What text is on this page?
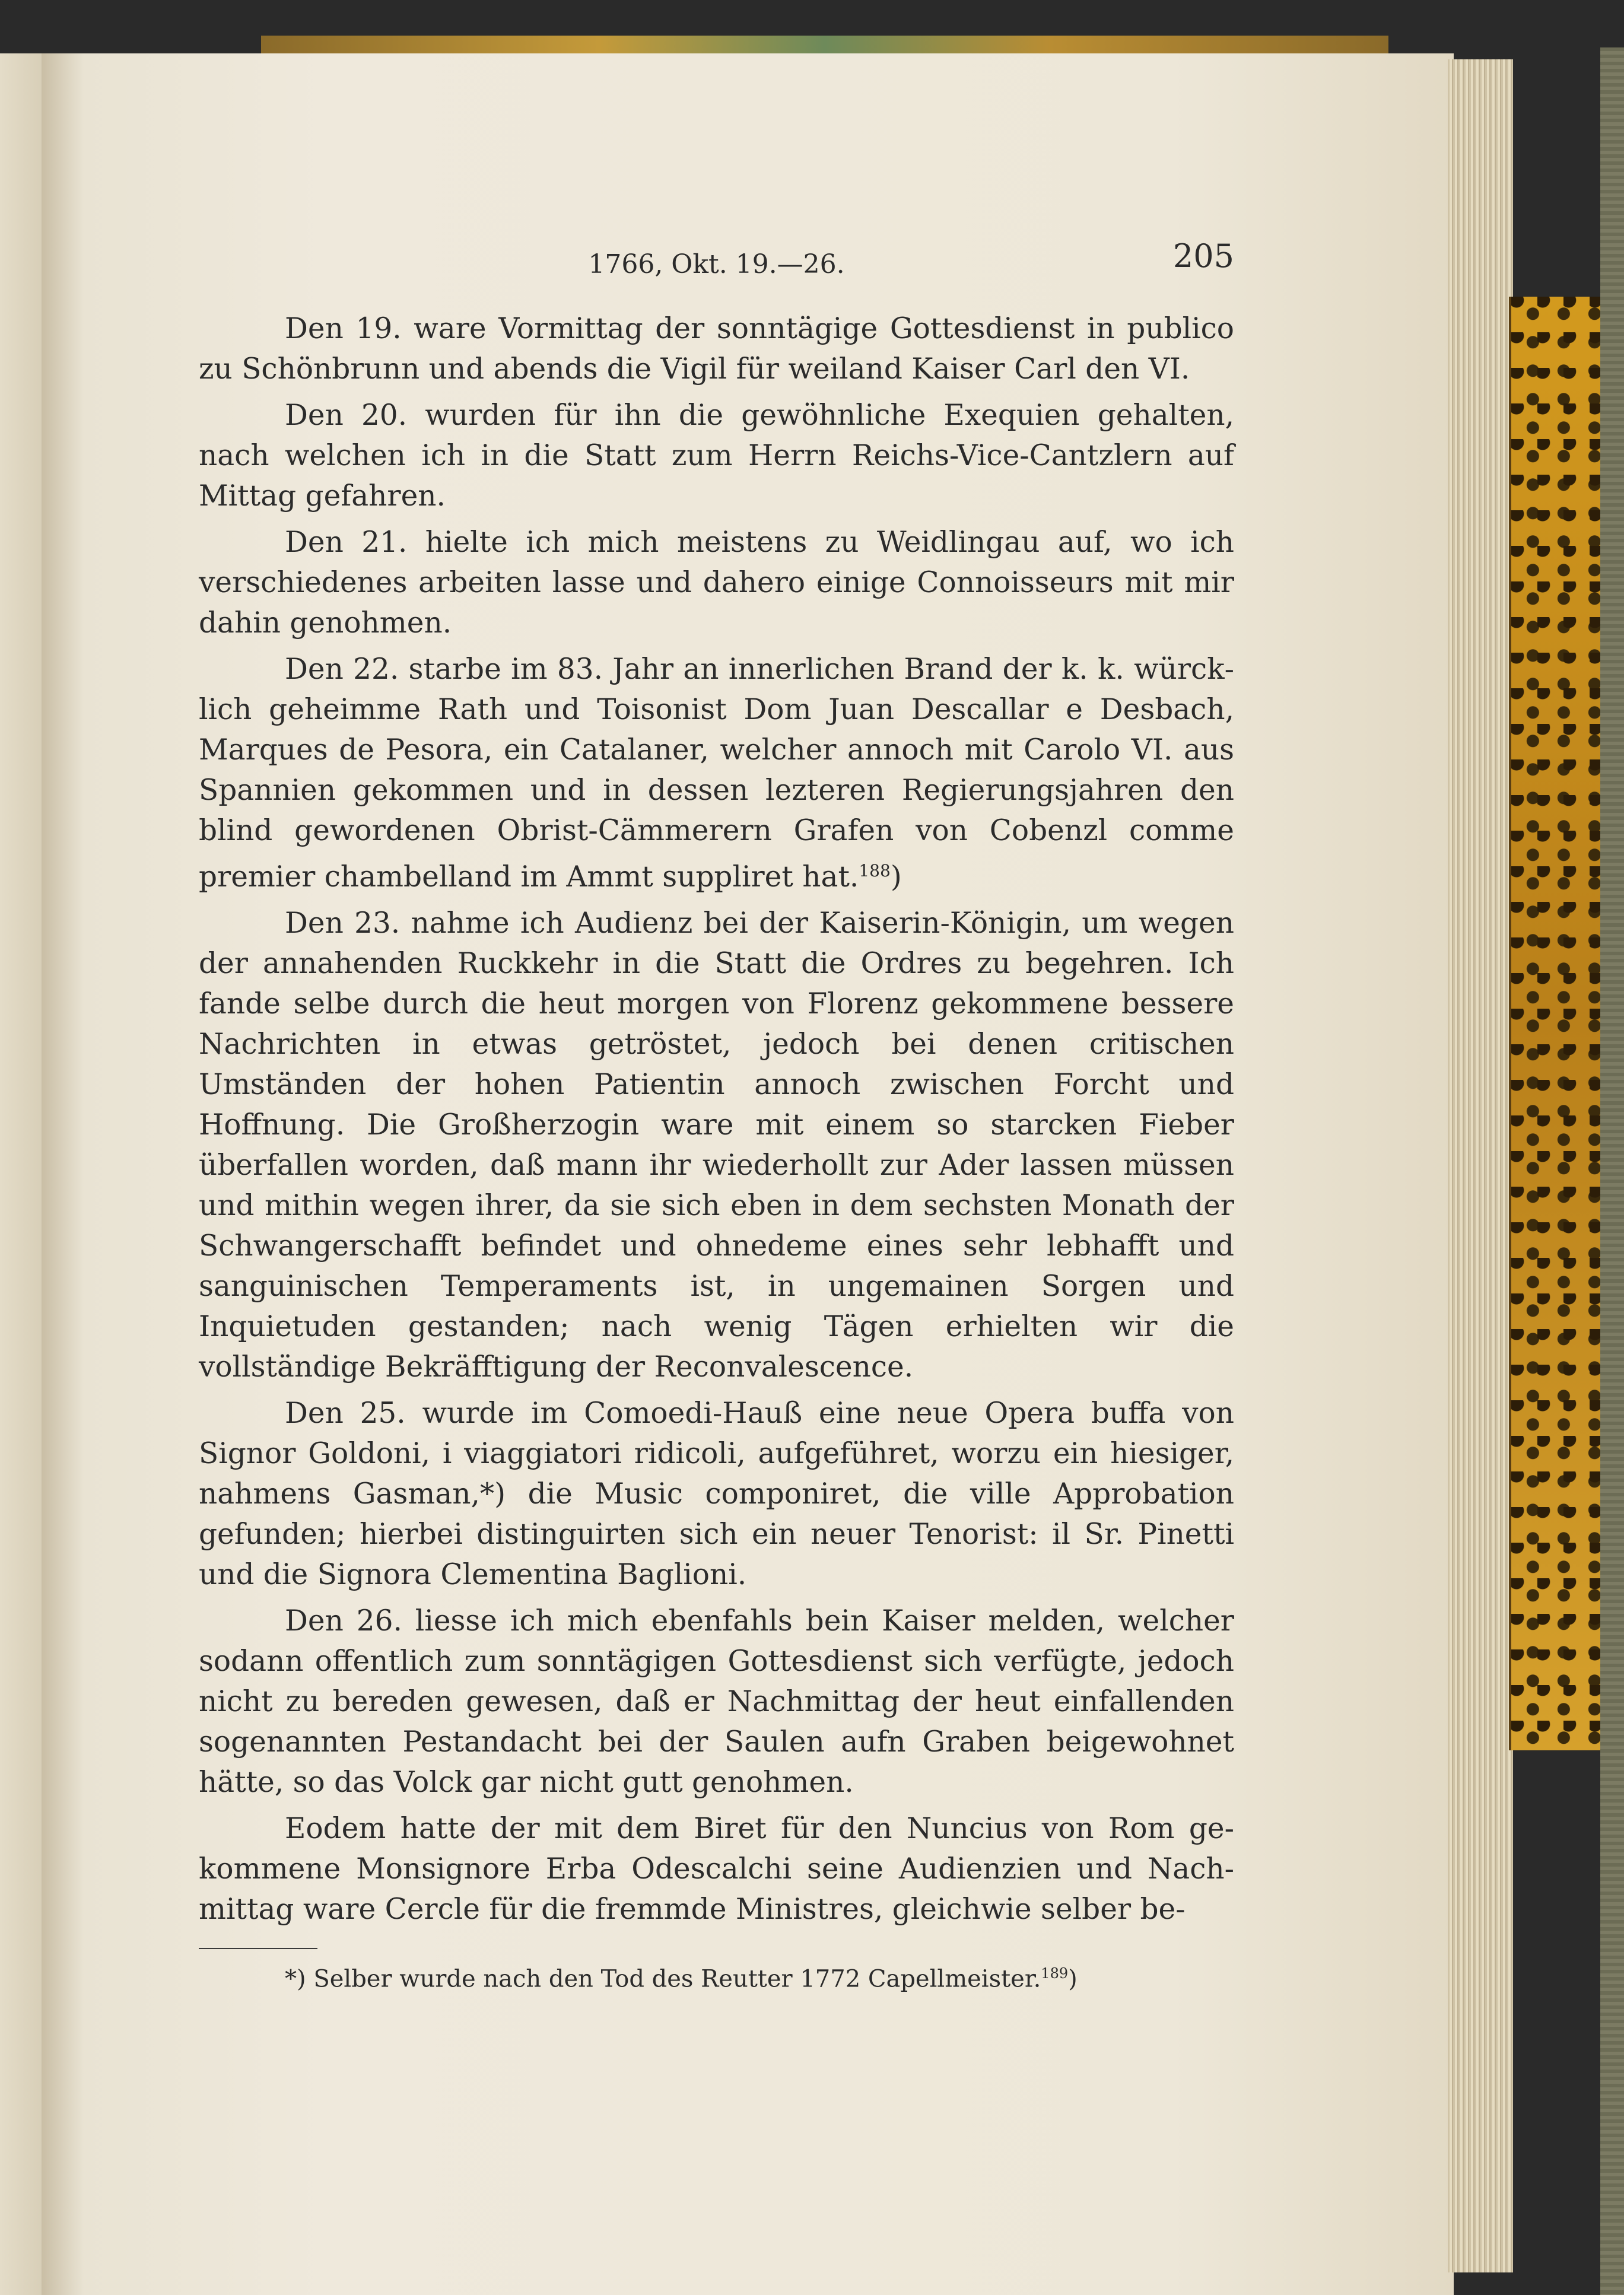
1766, Okt. 19.—26.	205

Den 19. ware Vormittag der sonntägige Gottesdienst in publico zu Schönbrunn und abends die Vigil für weiland Kaiser Carl den VI.

Den 20. wurden für ihn die gewöhnliche Exequien gehalten, nach welchen ich in die Statt zum Herrn Reichs-Vice-Cantzlern auf Mittag gefahren.

Den 21. hielte ich mich meistens zu Weidlingau auf, wo ich verschiedenes arbeiten lasse und dahero einige Connoisseurs mit mir dahin genohmen.

Den 22. starbe im 83. Jahr an innerlichen Brand der k. k. würcklich geheimme Rath und Toisonist Dom Juan Descallar e Desbach, Marques de Pesora, ein Catalaner, welcher annoch mit Carolo VI. aus Spannien gekommen und in dessen lezteren Regierungsjahren den blind gewordenen Obrist-Cämmerern Grafen von Cobenzl comme premier chambelland im Ammt suppliret hat.$^{188}$)

Den 23. nahme ich Audienz bei der Kaiserin-Königin, um wegen der annahenden Ruckkehr in die Statt die Ordres zu begehren. Ich fande selbe durch die heut morgen von Florenz gekommene bessere Nachrichten in etwas getröstet, jedoch bei denen critischen Umständen der hohen Patientin annoch zwischen Forcht und Hoffnung. Die Großherzogin ware mit einem so starcken Fieber überfallen worden, daß mann ihr wiederhollt zur Ader lassen müssen und mithin wegen ihrer, da sie sich eben in dem sechsten Monath der Schwangerschafft befindet und ohnedeme eines sehr lebhafft und sanguinischen Temperaments ist, in ungemainen Sorgen und Inquietuden gestanden; nach wenig Tägen erhielten wir die vollständige Bekräfftigung der Reconvalescence.

Den 25. wurde im Comoedi-Hauß eine neue Opera buffa von Signor Goldoni, i viaggiatori ridicoli, aufgeführet, worzu ein hiesiger, nahmens Gasman,*) die Music componiret, die ville Approbation gefunden; hierbei distinguirten sich ein neuer Tenorist: il Sr. Pinetti und die Signora Clementina Baglioni.

Den 26. liesse ich mich ebenfahls bein Kaiser melden, welcher sodann offentlich zum sonntägigen Gottesdienst sich verfügte, jedoch nicht zu bereden gewesen, daß er Nachmittag der heut einfallenden sogenannten Pestandacht bei der Saulen aufn Graben beigewohnet hätte, so das Volck gar nicht gutt genohmen.

Eodem hatte der mit dem Biret für den Nuncius von Rom gekommene Monsignore Erba Odescalchi seine Audienzien und Nachmittag ware Cercle für die fremmde Ministres, gleichwie selber be-

*) Selber wurde nach den Tod des Reutter 1772 Capellmeister.$^{189}$)
